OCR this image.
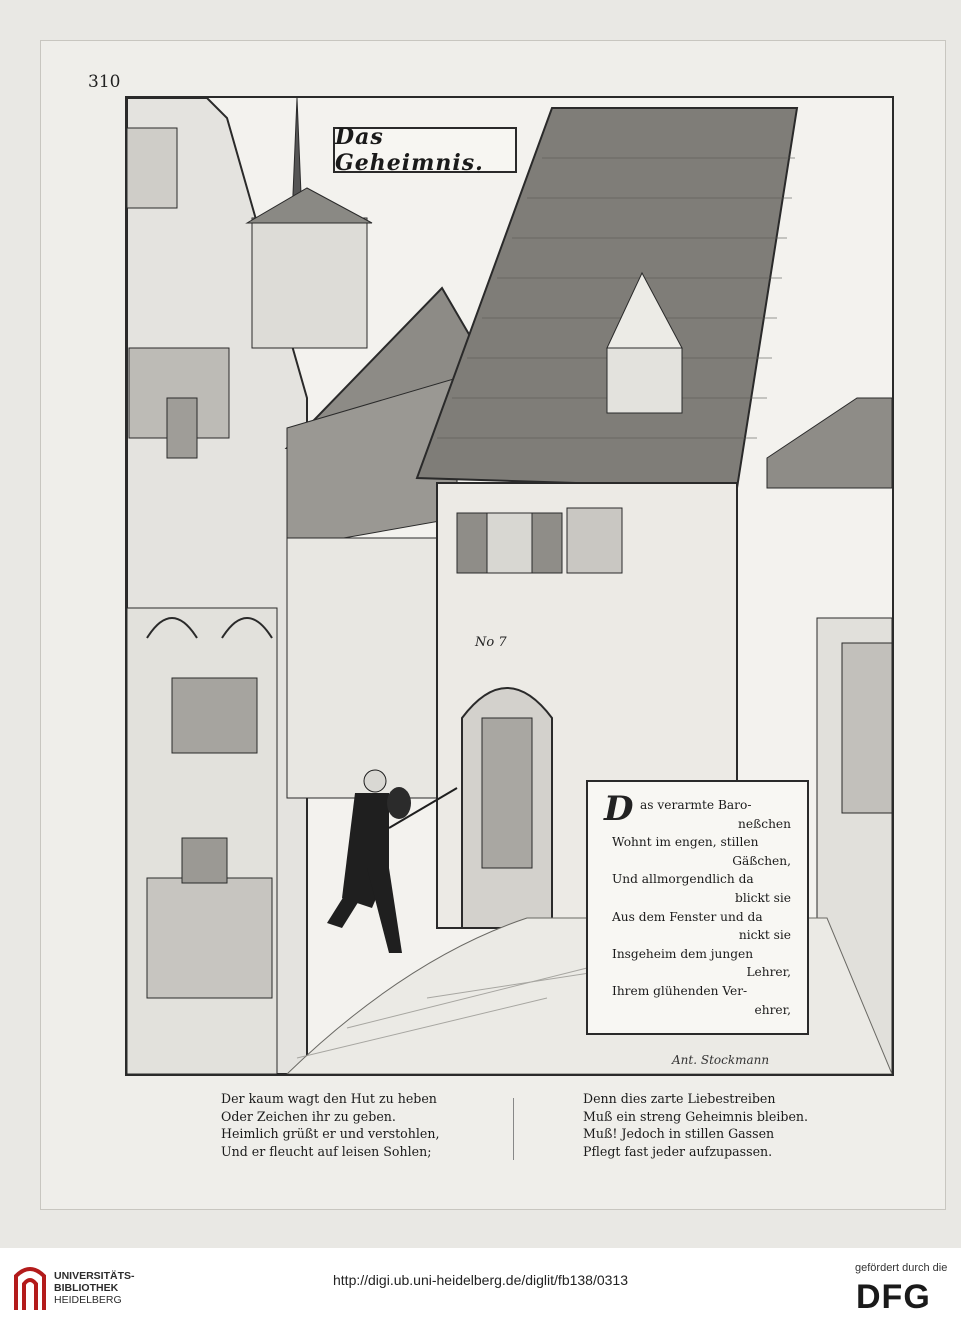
310
No 7
Ant. Stockmann
Das Geheimnis.
D as verarmte Baro-
neßchen
Wohnt im engen, stillen
Gäßchen,
Und allmorgendlich da
blickt sie
Aus dem Fenster und da
nickt sie
Insgeheim dem jungen
Lehrer,
Ihrem glühenden Ver-
ehrer,
Der kaum wagt den Hut zu heben
Oder Zeichen ihr zu geben.
Heimlich grüßt er und verstohlen,
Und er fleucht auf leisen Sohlen;
Denn dies zarte Liebestreiben
Muß ein streng Geheimnis bleiben.
Muß! Jedoch in stillen Gassen
Pflegt fast jeder aufzupassen.
UNIVERSITÄTS-
BIBLIOTHEK
HEIDELBERG
http://digi.ub.uni-heidelberg.de/diglit/fb138/0313
gefördert durch die
DFG
